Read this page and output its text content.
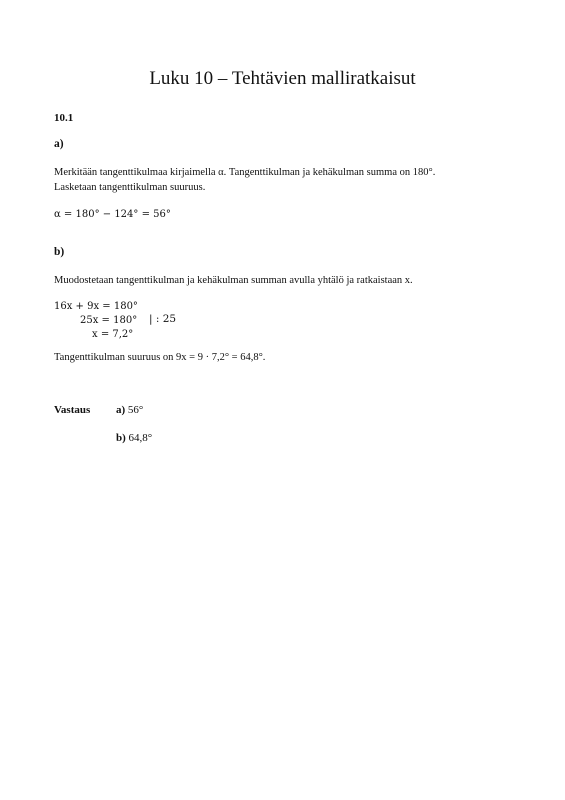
Luku 10 – Tehtävien malliratkaisut
10.1
a)
Merkitään tangenttikulmaa kirjaimella α. Tangenttikulman ja kehäkulman summa on 180°.
Lasketaan tangenttikulman suuruus.
α = 180° − 124° = 56°
b)
Muodostetaan tangenttikulman ja kehäkulman summan avulla yhtälö ja ratkaistaan x.
16x + 9x = 180°
25x = 180° | : 25
x = 7,2°
Tangenttikulman suuruus on 9x = 9 · 7,2° = 64,8°.
Vastaus a) 56°
b) 64,8°
